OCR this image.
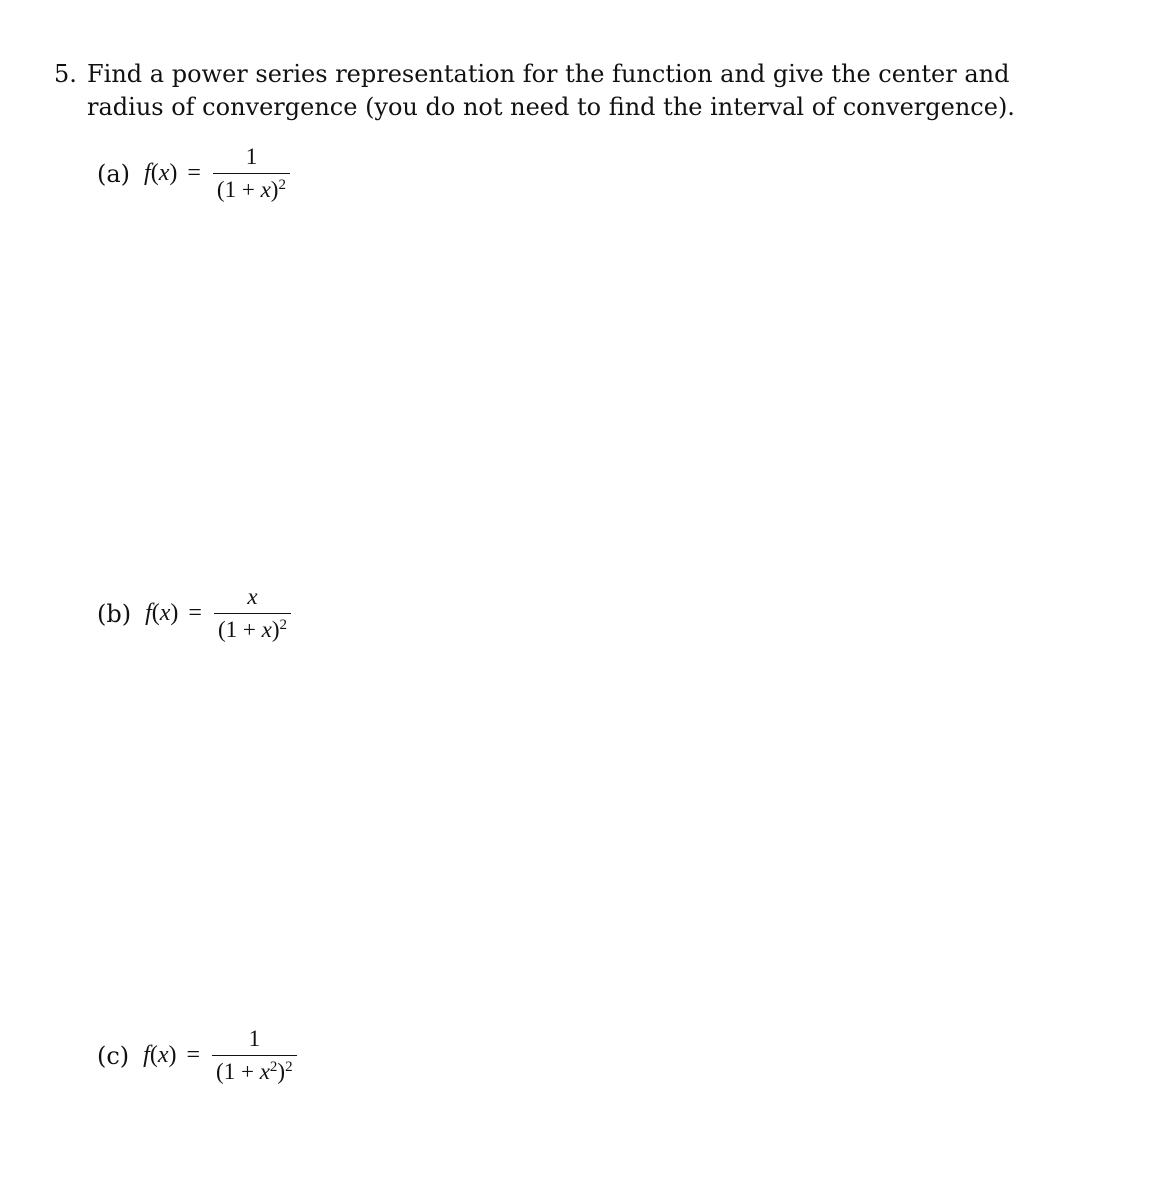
5. Find a power series representation for the function and give the center and radius of convergence (you do not need to find the interval of convergence).
(a) $f(x) = \frac{1}{(1 + x)^2}$
(b) $f(x) = \frac{x}{(1 + x)^2}$
(c) $f(x) = \frac{1}{(1 + x^2)^2}$
